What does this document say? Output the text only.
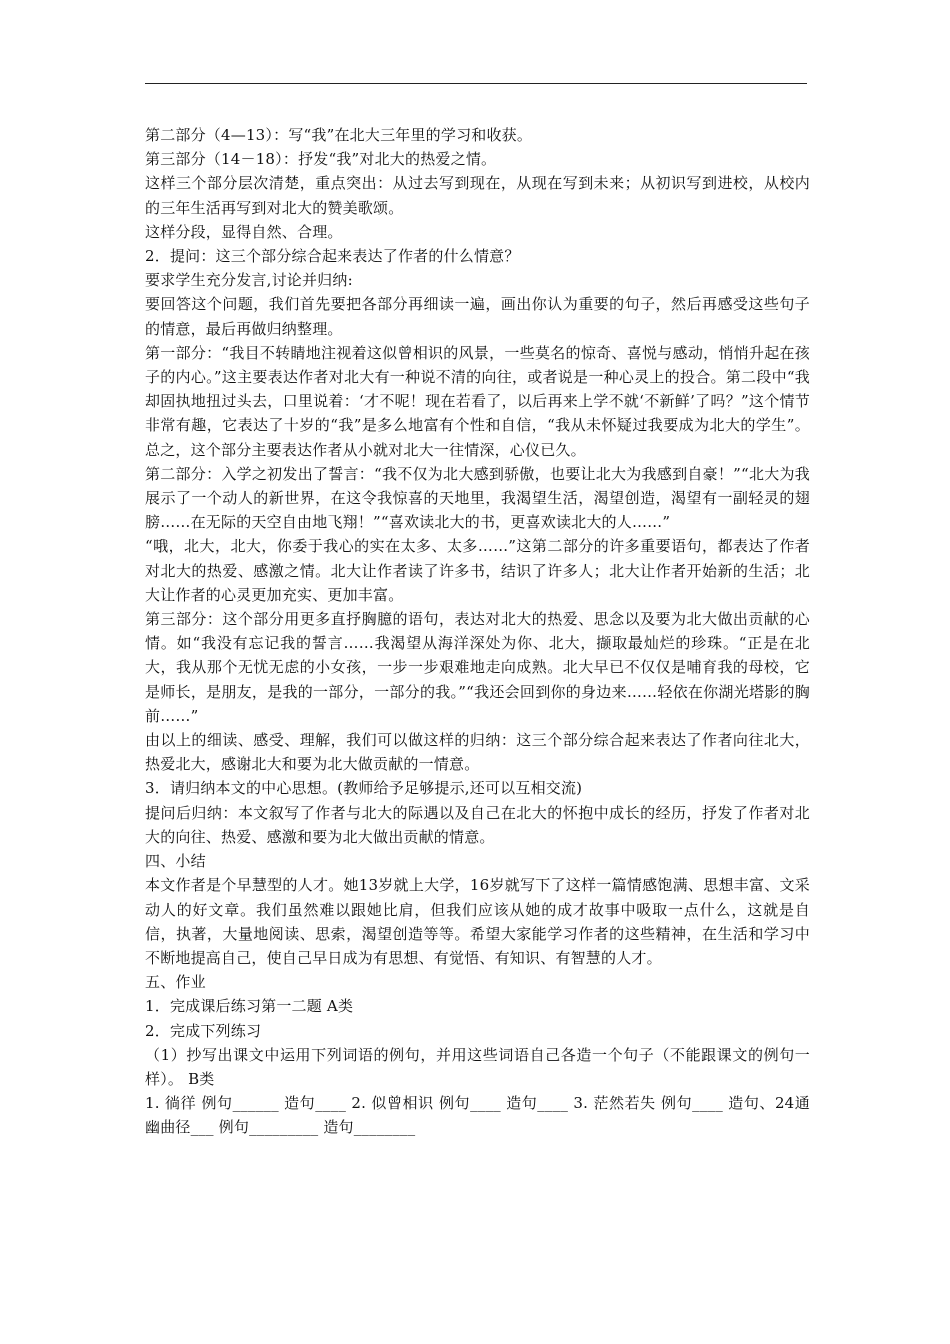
第二部分（4—13）：写“我”在北大三年里的学习和收获。

第三部分（14－18）：抒发“我”对北大的热爱之情。

这样三个部分层次清楚，重点突出：从过去写到现在，从现在写到未来；从初识写到进校，从校内的三年生活再写到对北大的赞美歌颂。

这样分段，显得自然、合理。

2．提问：这三个部分综合起来表达了作者的什么情意？

要求学生充分发言,讨论并归纳:

要回答这个问题，我们首先要把各部分再细读一遍，画出你认为重要的句子，然后再感受这些句子的情意，最后再做归纳整理。

第一部分：“我目不转睛地注视着这似曾相识的风景，一些莫名的惊奇、喜悦与感动，悄悄升起在孩子的内心。”这主要表达作者对北大有一种说不清的向往，或者说是一种心灵上的投合。第二段中“我却固执地扭过头去，口里说着：‘才不呢！现在若看了，以后再来上学不就‘不新鲜’了吗？”这个情节非常有趣，它表达了十岁的“我”是多么地富有个性和自信，“我从未怀疑过我要成为北大的学生”。总之，这个部分主要表达作者从小就对北大一往情深，心仪已久。

第二部分：入学之初发出了誓言：“我不仅为北大感到骄傲，也要让北大为我感到自豪！”“北大为我展示了一个动人的新世界，在这令我惊喜的天地里，我渴望生活，渴望创造，渴望有一副轻灵的翅膀……在无际的天空自由地飞翔！”“喜欢读北大的书，更喜欢读北大的人……”

“哦，北大，北大，你委于我心的实在太多、太多……”这第二部分的许多重要语句，都表达了作者对北大的热爱、感激之情。北大让作者读了许多书，结识了许多人；北大让作者开始新的生活；北大让作者的心灵更加充实、更加丰富。

第三部分：这个部分用更多直抒胸臆的语句，表达对北大的热爱、思念以及要为北大做出贡献的心情。如“我没有忘记我的誓言……我渴望从海洋深处为你、北大，撷取最灿烂的珍珠。“正是在北大，我从那个无忧无虑的小女孩，一步一步艰难地走向成熟。北大早已不仅仅是哺育我的母校，它是师长，是朋友，是我的一部分，一部分的我。”“我还会回到你的身边来……轻依在你湖光塔影的胸前……”

由以上的细读、感受、理解，我们可以做这样的归纳：这三个部分综合起来表达了作者向往北大，热爱北大，感谢北大和要为北大做贡献的一情意。

3．请归纳本文的中心思想。(教师给予足够提示,还可以互相交流)

提问后归纳：本文叙写了作者与北大的际遇以及自己在北大的怀抱中成长的经历，抒发了作者对北大的向往、热爱、感激和要为北大做出贡献的情意。

四、小结

本文作者是个早慧型的人才。她13岁就上大学，16岁就写下了这样一篇情感饱满、思想丰富、文采动人的好文章。我们虽然难以跟她比肩，但我们应该从她的成才故事中吸取一点什么，这就是自信，执著，大量地阅读、思索，渴望创造等等。希望大家能学习作者的这些精神，在生活和学习中不断地提高自己，使自己早日成为有思想、有觉悟、有知识、有智慧的人才。

五、作业

1．完成课后练习第一二题 A类

2．完成下列练习

（1）抄写出课文中运用下列词语的例句，并用这些词语自己各造一个句子（不能跟课文的例句一样）。 B类

1. 徜徉 例句______ 造句____ 2. 似曾相识 例句____ 造句____ 3. 茫然若失 例句____ 造句、24通幽曲径___ 例句_________ 造句________
